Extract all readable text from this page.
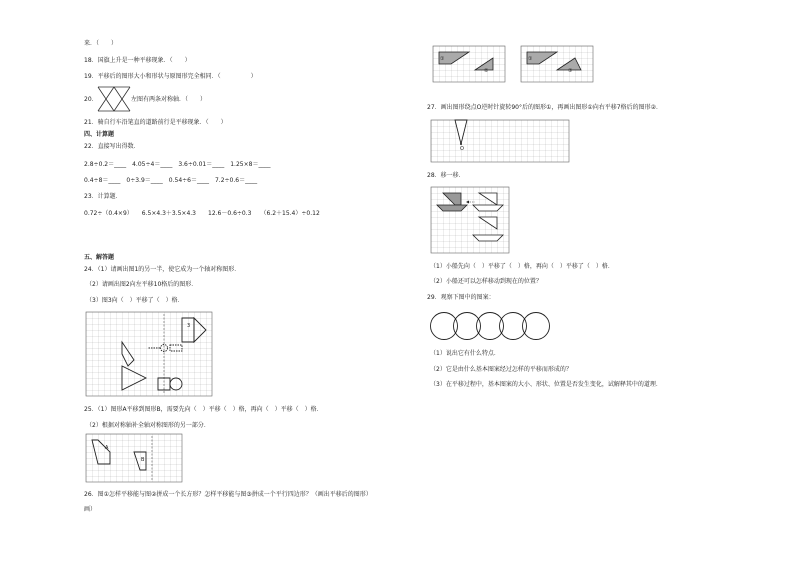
来．（　　）
18．国旗上升是一种平移现象．（　　）
19．平移后的图形大小和形状与原图形完全相同．（　　　　　）
20．	左图有两条对称轴．（　　）
21．骑自行车沿笔直的道路前行是平移现象．（　　）
四、计算题
22．直接写出得数．
2.8÷0.2＝____　4.05÷4＝____　3.6÷0.01＝____　1.25×8＝____
0.4÷8＝____　0÷3.9＝____　0.54÷6＝____　7.2÷0.6＝____
23．计算题．
0.72÷（0.4×9）　　6.5×4.3＋3.5×4.3　　12.6－0.6÷0.3　　（6.2＋15.4）÷0.12
五、解答题
24．（1）请画出图1的另一半，使它成为一个轴对称图形．
（2）请画出图2向左平移10格后的图形．
（3）图3向（　）平移了（　）格．
3
25．（1）图形A平移到图形B，需要先向（　）平移（　）格，再向（　）平移（　）格．
（2）根据对称轴补全轴对称图形的另一部分．
A
B
26．图①怎样平移能与图②拼成一个长方形？怎样平移能与图③拼成一个平行四边形？（画出平移后的图形）
画）
①
②
①
③
27．画出图形绕点O逆时针旋转90°后的图形①，再画出图形①向右平移7格后的图形②．
O
28．移一移．
（1）小船先向（　）平移了（　）格，再向（　）平移了（　）格．
（2）小船还可以怎样移动到现在的位置？
29．观察下图中的图案：
（1）说出它有什么特点．
（2）它是由什么基本图案经过怎样的平移而形成的？
（3）在平移过程中，基本图案的大小、形状、位置是否发生变化，试解释其中的道理．
